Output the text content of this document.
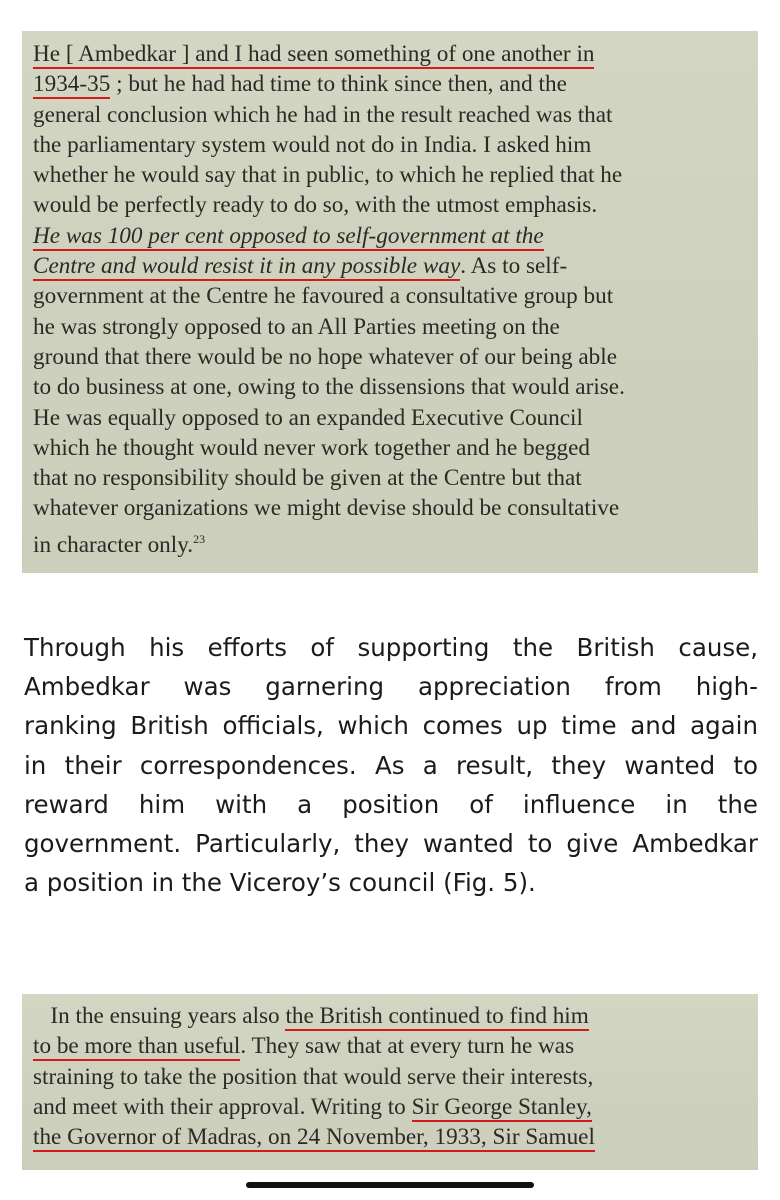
He [ Ambedkar ] and I had seen something of one another in
1934-35 ; but he had had time to think since then, and the
general conclusion which he had in the result reached was that
the parliamentary system would not do in India. I asked him
whether he would say that in public, to which he replied that he
would be perfectly ready to do so, with the utmost emphasis.
He was 100 per cent opposed to self-government at the
Centre and would resist it in any possible way. As to self-
government at the Centre he favoured a consultative group but
he was strongly opposed to an All Parties meeting on the
ground that there would be no hope whatever of our being able
to do business at one, owing to the dissensions that would arise.
He was equally opposed to an expanded Executive Council
which he thought would never work together and he begged
that no responsibility should be given at the Centre but that
whatever organizations we might devise should be consultative
in character only.$^{23}$
Through his efforts of supporting the British cause,
Ambedkar was garnering appreciation from high-
ranking British officials, which comes up time and again
in their correspondences. As a result, they wanted to
reward him with a position of influence in the
government. Particularly, they wanted to give Ambedkar
a position in the Viceroy’s council (Fig. 5).
In the ensuing years also the British continued to find him
to be more than useful. They saw that at every turn he was
straining to take the position that would serve their interests,
and meet with their approval. Writing to Sir George Stanley,
the Governor of Madras, on 24 November, 1933, Sir Samuel
